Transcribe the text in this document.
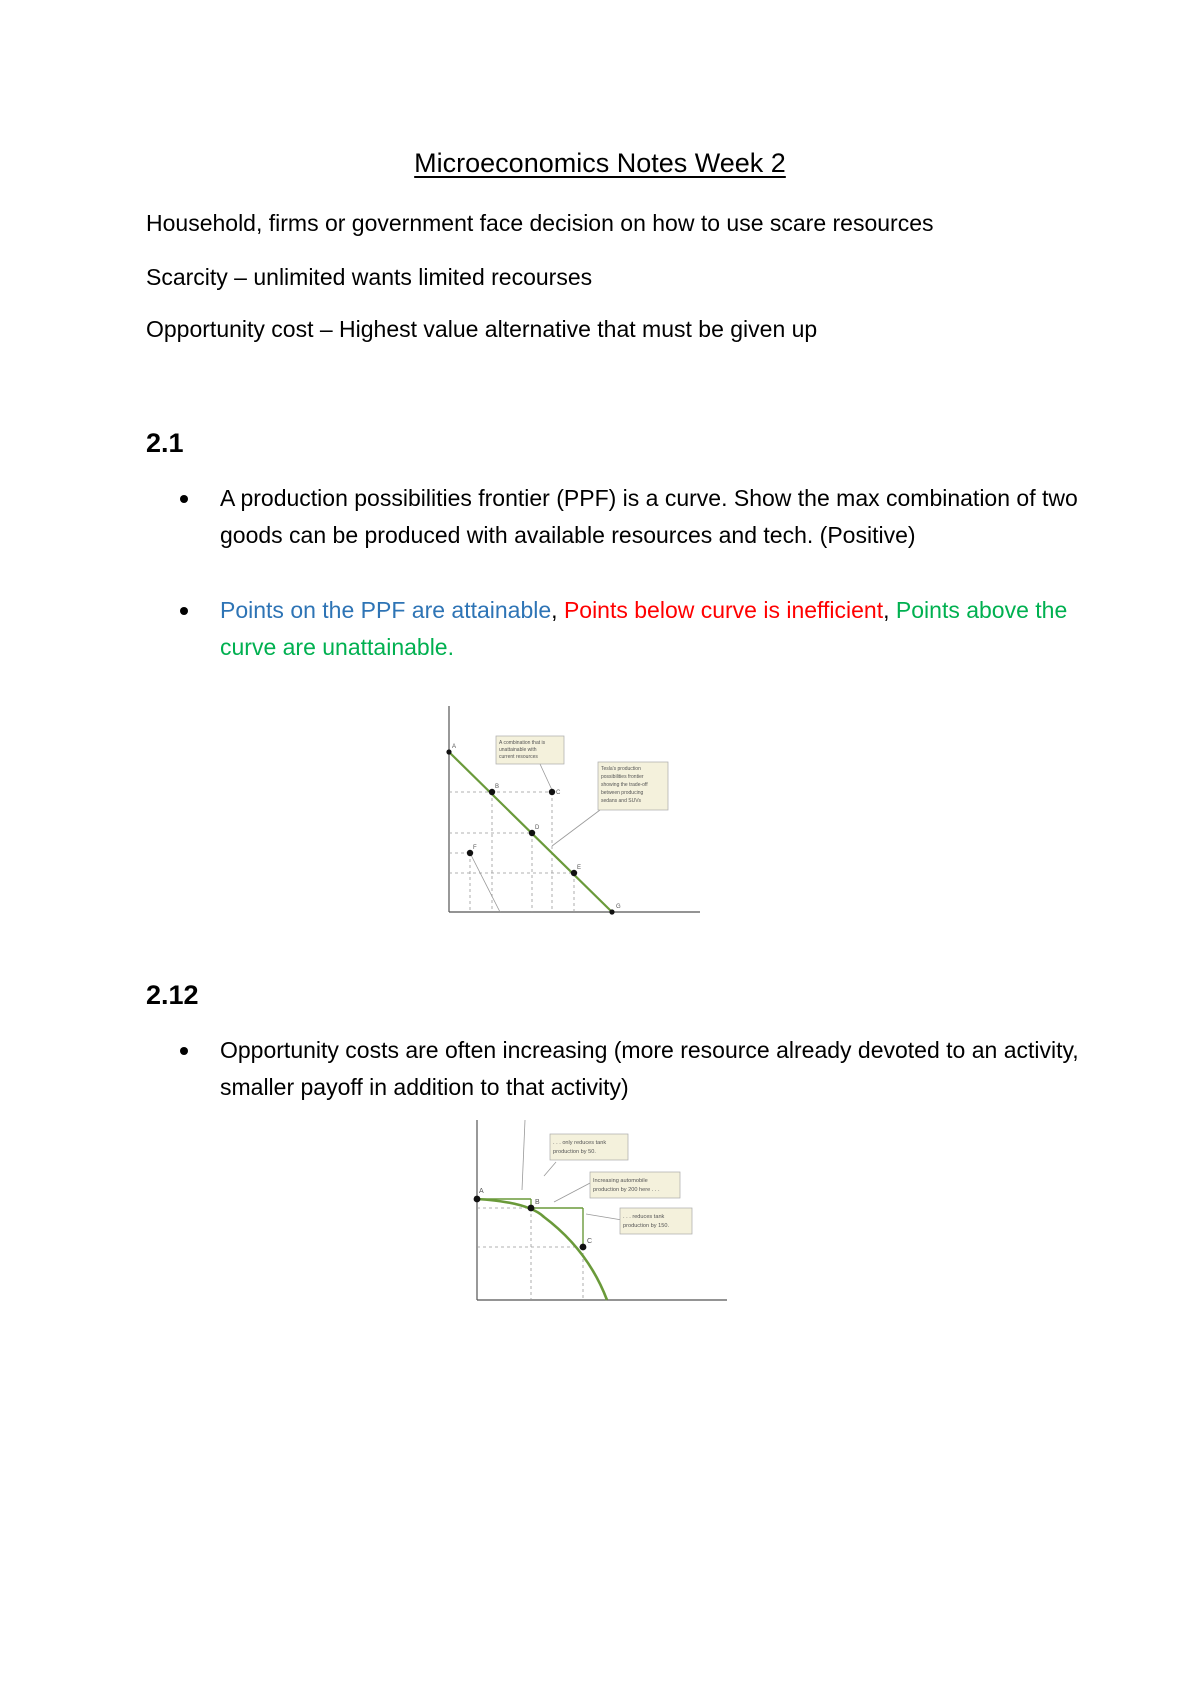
Microeconomics Notes Week 2
Household, firms or government face decision on how to use scare resources
Scarcity – unlimited wants limited recourses
Opportunity cost – Highest value alternative that must be given up
2.1
A production possibilities frontier (PPF) is a curve. Show the max combination of two goods can be produced with available resources and tech. (Positive)
Points on the PPF are attainable, Points below curve is inefficient, Points above the curve are unattainable.
A
B
C
D
E
F
G
A combination that is
unattainable with
current resources
Tesla's production
possibilities frontier
showing the trade-off
between producing
sedans and SUVs
2.12
Opportunity costs are often increasing (more resource already devoted to an activity, smaller payoff in addition to that activity)
A
B
C
. . . only reduces tank
production by 50.
Increasing automobile
production by 200 here . . .
. . . reduces tank
production by 150.
